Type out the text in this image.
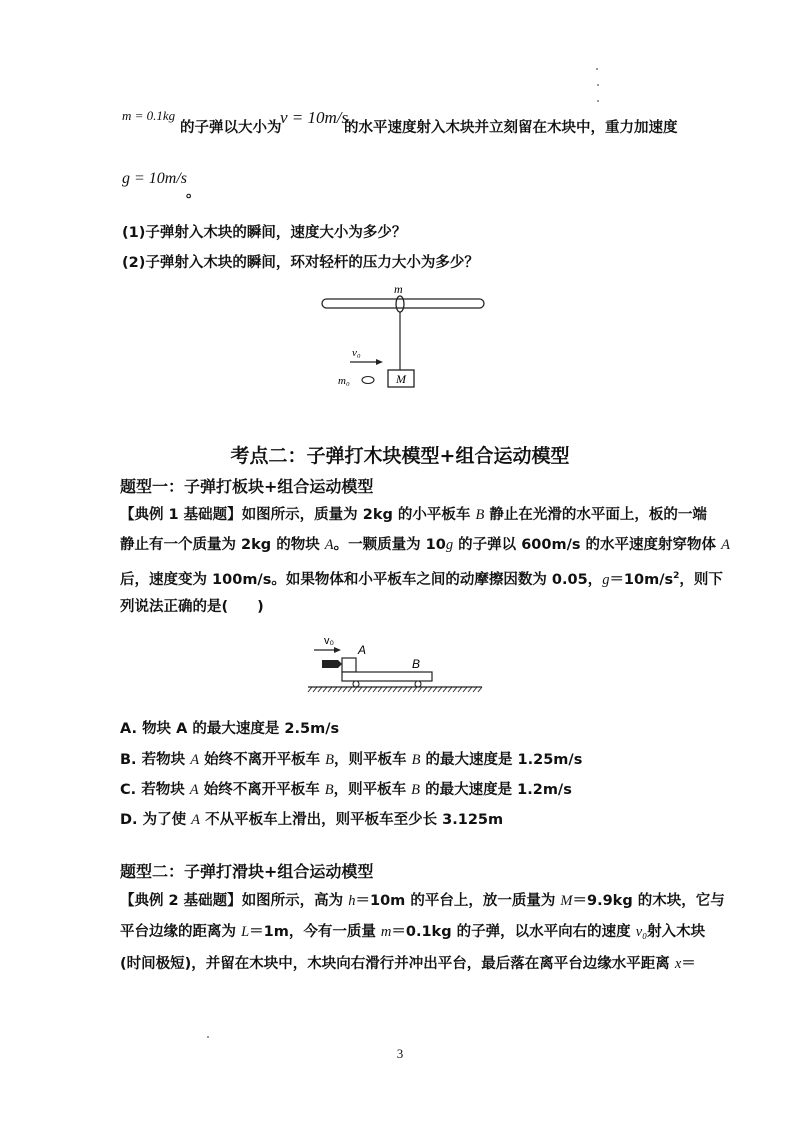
m = 0.1kg
的子弹以大小为
v = 10m/s
的水平速度射入木块并立刻留在木块中，重力加速度
g = 10m/s
。
(1)子弹射入木块的瞬间，速度大小为多少？
(2)子弹射入木块的瞬间，环对轻杆的压力大小为多少？
M
m
v₀
m₀
考点二：子弹打木块模型+组合运动模型
题型一：子弹打板块+组合运动模型
【典例 1 基础题】如图所示，质量为 2kg 的小平板车 B 静止在光滑的水平面上，板的一端
静止有一个质量为 2kg 的物块 A。一颗质量为 10g 的子弹以 600m/s 的水平速度射穿物体 A
后，速度变为 100m/s。如果物体和小平板车之间的动摩擦因数为 0.05，$g=10m/s^2$，则下
列说法正确的是(　　)
v₀
A
B
A. 物块 A 的最大速度是 2.5m/s
B. 若物块 A 始终不离开平板车 B，则平板车 B 的最大速度是 1.25m/s
C. 若物块 A 始终不离开平板车 B，则平板车 B 的最大速度是 1.2m/s
D. 为了使 A 不从平板车上滑出，则平板车至少长 3.125m
题型二：子弹打滑块+组合运动模型
【典例 2 基础题】如图所示，高为 h＝10m 的平台上，放一质量为 M＝9.9kg 的木块，它与
平台边缘的距离为 L＝1m，今有一质量 m＝0.1kg 的子弹，以水平向右的速度 v₀射入木块
(时间极短)，并留在木块中，木块向右滑行并冲出平台，最后落在离平台边缘水平距离 x＝
3
